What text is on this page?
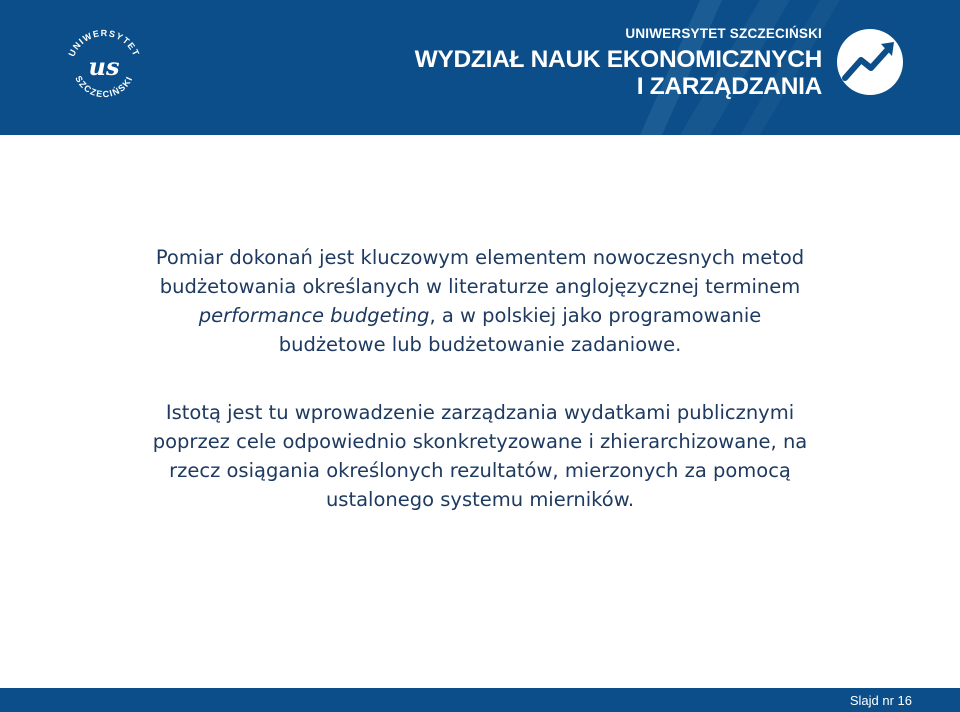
UNIWERSYTET
SZCZECIŃSKI
us
UNIWERSYTET SZCZECIŃSKI
WYDZIAŁ NAUK EKONOMICZNYCH
I ZARZĄDZANIA
Pomiar dokonań jest kluczowym elementem nowoczesnych metod
budżetowania określanych w literaturze anglojęzycznej terminem
performance budgeting, a w polskiej jako programowanie
budżetowe lub budżetowanie zadaniowe.
Istotą jest tu wprowadzenie zarządzania wydatkami publicznymi
poprzez cele odpowiednio skonkretyzowane i zhierarchizowane, na
rzecz osiągania określonych rezultatów, mierzonych za pomocą
ustalonego systemu mierników.
Slajd nr 16
